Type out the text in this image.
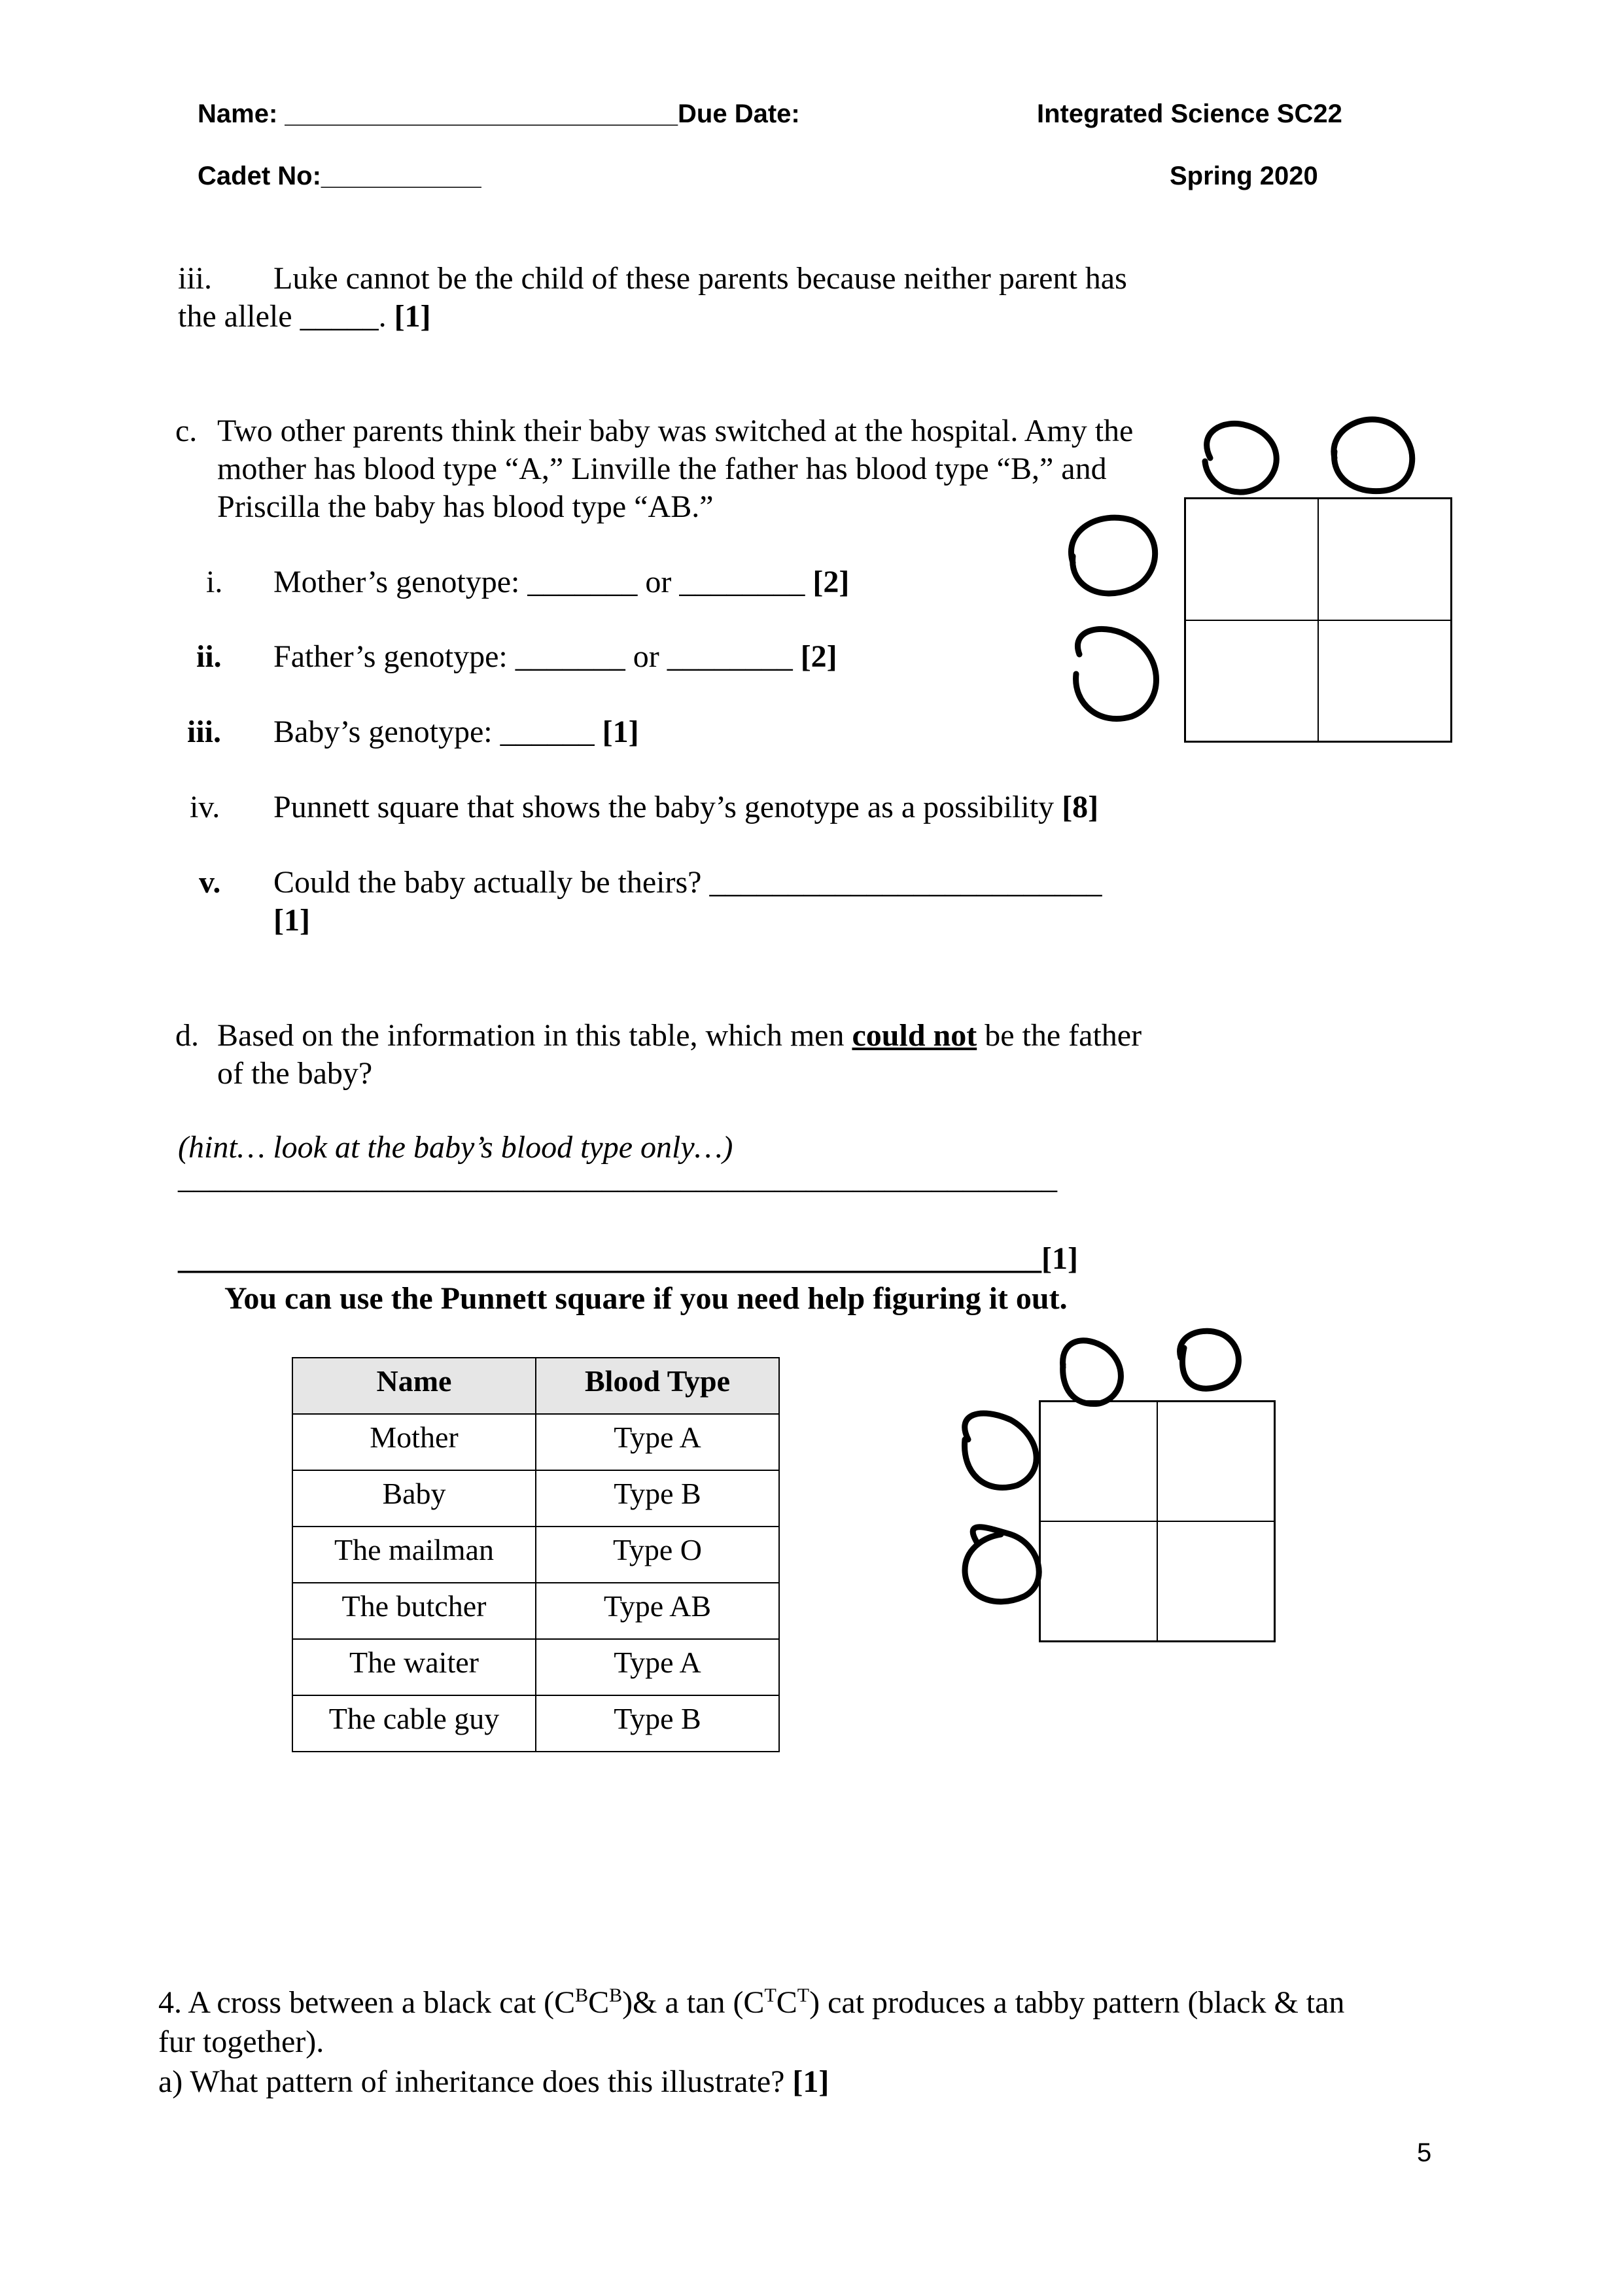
Name: ___________________________Due Date:	Integrated Science SC22
Cadet No:___________	Spring 2020
iii. Luke cannot be the child of these parents because neither parent has
the allele _____. [1]
c. Two other parents think their baby was switched at the hospital. Amy the
mother has blood type “A,” Linville the father has blood type “B,” and
Priscilla the baby has blood type “AB.”
i. Mother’s genotype: _______ or ________ [2]
ii. Father’s genotype: _______ or ________ [2]
iii. Baby’s genotype: ______ [1]
iv. Punnett square that shows the baby’s genotype as a possibility [8]
v. Could the baby actually be theirs? _________________________
[1]
d. Based on the information in this table, which men could not be the father
of the baby?
(hint… look at the baby’s blood type only…)
________________________________________________________
_______________________________________________________[1]
You can use the Punnett square if you need help figuring it out.
Name	Blood Type
Mother	Type A
Baby	Type B
The mailman	Type O
The butcher	Type AB
The waiter	Type A
The cable guy	Type B
4. A cross between a black cat $(C^BC^B)\&$ a $\tan (C^TC^T)$ cat produces a tabby pattern (black & tan
fur together).
a) What pattern of inheritance does this illustrate? [1]
5
